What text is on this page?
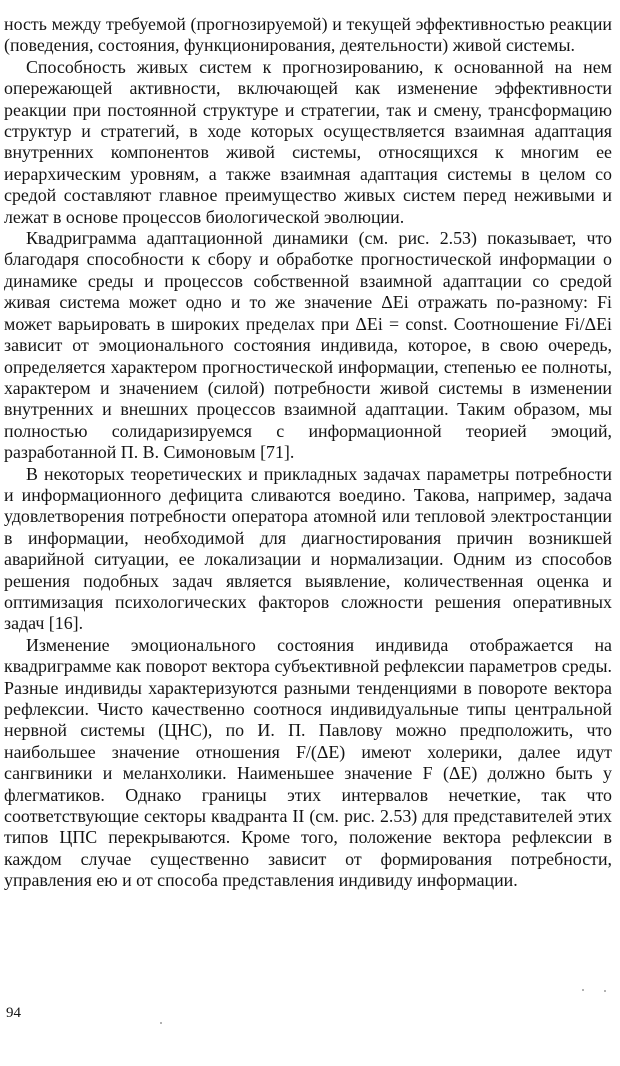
ность между требуемой (прогнозируемой) и текущей эффективностью реакции (поведения, состояния, функционирования, деятельности) живой системы.

Способность живых систем к прогнозированию, к основанной на нем опережающей активности, включающей как изменение эффективности реакции при постоянной структуре и стратегии, так и смену, трансформацию структур и стратегий, в ходе которых осуществляется взаимная адаптация внутренних компонентов живой системы, относящихся к многим ее иерархическим уровням, а также взаимная адаптация системы в целом со средой составляют главное преимущество живых систем перед неживыми и лежат в основе процессов биологической эволюции.

Квадриграмма адаптационной динамики (см. рис. 2.53) показывает, что благодаря способности к сбору и обработке прогностической информации о динамике среды и процессов собственной взаимной адаптации со средой живая система может одно и то же значение ΔEi отражать по-разному: Fi может варьировать в широких пределах при ΔEi = const. Соотношение Fi/ΔEi зависит от эмоционального состояния индивида, которое, в свою очередь, определяется характером прогностической информации, степенью ее полноты, характером и значением (силой) потребности живой системы в изменении внутренних и внешних процессов взаимной адаптации. Таким образом, мы полностью солидаризируемся с информационной теорией эмоций, разработанной П. В. Симоновым [71].

В некоторых теоретических и прикладных задачах параметры потребности и информационного дефицита сливаются воедино. Такова, например, задача удовлетворения потребности оператора атомной или тепловой электростанции в информации, необходимой для диагностирования причин возникшей аварийной ситуации, ее локализации и нормализации. Одним из способов решения подобных задач является выявление, количественная оценка и оптимизация психологических факторов сложности решения оперативных задач [16].

Изменение эмоционального состояния индивида отображается на квадриграмме как поворот вектора субъективной рефлексии параметров среды. Разные индивиды характеризуются разными тенденциями в повороте вектора рефлексии. Чисто качественно соотнося индивидуальные типы центральной нервной системы (ЦНС), по И. П. Павлову можно предположить, что наибольшее значение отношения F/(ΔE) имеют холерики, далее идут сангвиники и меланхолики. Наименьшее значение F (ΔE) должно быть у флегматиков. Однако границы этих интервалов нечеткие, так что соответствующие секторы квадранта II (см. рис. 2.53) для представителей этих типов ЦПС перекрываются. Кроме того, положение вектора рефлексии в каждом случае существенно зависит от формирования потребности, управления ею и от способа представления индивиду информации.

94
